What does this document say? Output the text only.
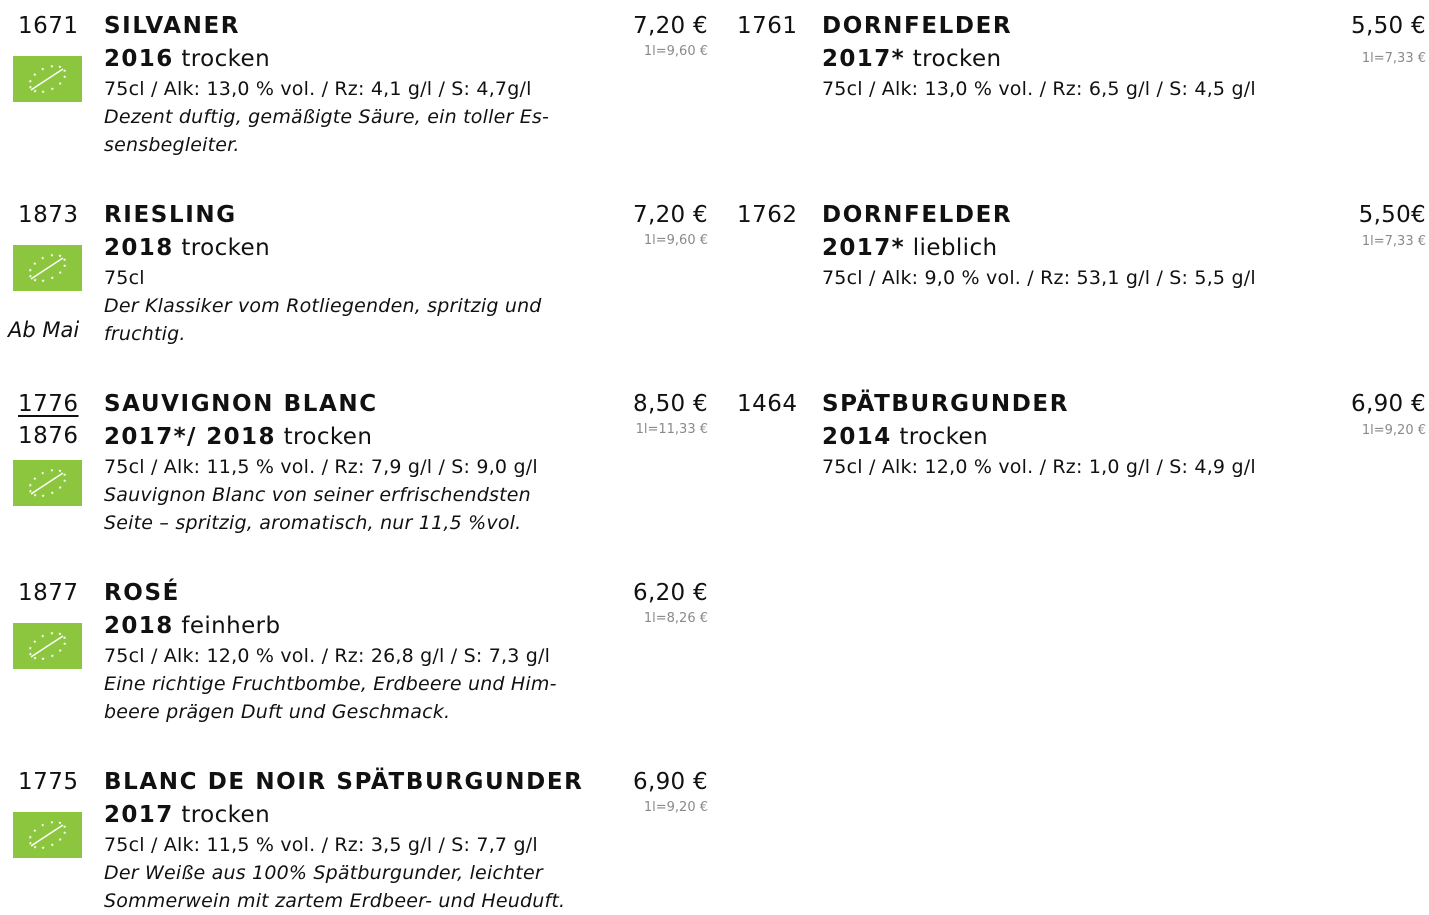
1671 SILVANER
2016 trocken
75cl / Alk: 13,0 % vol. / Rz: 4,1 g/l / S: 4,7g/l
Dezent duftig, gemäßigte Säure, ein toller Es-
sensbegleiter.
7,20 €
1l=9,60 €
1873
Ab Mai
RIESLING
2018 trocken
75cl
Der Klassiker vom Rotliegenden, spritzig und
fruchtig.
7,20 €
1l=9,60 €
1776
1876
SAUVIGNON BLANC
2017*/ 2018 trocken
75cl / Alk: 11,5 % vol. / Rz: 7,9 g/l / S: 9,0 g/l
Sauvignon Blanc von seiner erfrischendsten
Seite – spritzig, aromatisch, nur 11,5 %vol.
8,50 €
1l=11,33 €
1877 ROSÉ
2018 feinherb
75cl / Alk: 12,0 % vol. / Rz: 26,8 g/l / S: 7,3 g/l
Eine richtige Fruchtbombe, Erdbeere und Him-
beere prägen Duft und Geschmack.
6,20 €
1l=8,26 €
1775 BLANC DE NOIR SPÄTBURGUNDER
2017 trocken
75cl / Alk: 11,5 % vol. / Rz: 3,5 g/l / S: 7,7 g/l
Der Weiße aus 100% Spätburgunder, leichter
Sommerwein mit zartem Erdbeer- und Heuduft.
6,90 €
1l=9,20 €
1761 DORNFELDER
2017* trocken
75cl / Alk: 13,0 % vol. / Rz: 6,5 g/l / S: 4,5 g/l
5,50 €
1l=7,33 €
1762 DORNFELDER
2017* lieblich
75cl / Alk: 9,0 % vol. / Rz: 53,1 g/l / S: 5,5 g/l
5,50€
1l=7,33 €
1464 SPÄTBURGUNDER
2014 trocken
75cl / Alk: 12,0 % vol. / Rz: 1,0 g/l / S: 4,9 g/l
6,90 €
1l=9,20 €
